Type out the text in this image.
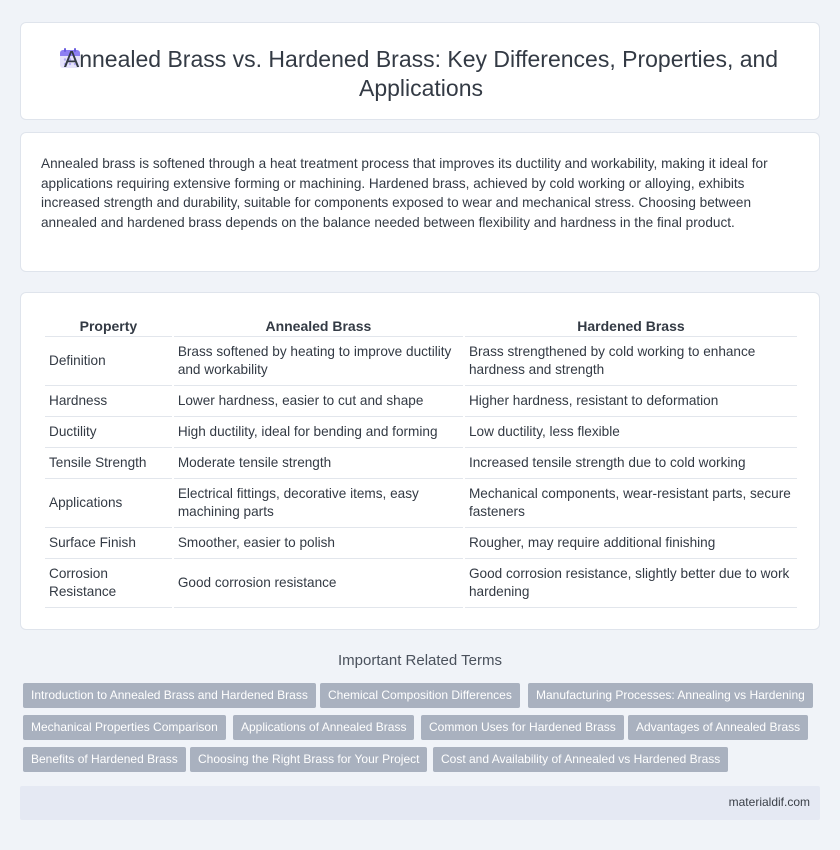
Annealed Brass vs. Hardened Brass: Key Differences, Properties, and Applications

Annealed brass is softened through a heat treatment process that improves its ductility and workability, making it ideal for applications requiring extensive forming or machining. Hardened brass, achieved by cold working or alloying, exhibits increased strength and durability, suitable for components exposed to wear and mechanical stress. Choosing between annealed and hardened brass depends on the balance needed between flexibility and hardness in the final product.

Property	Annealed Brass	Hardened Brass
Definition	Brass softened by heating to improve ductility and workability	Brass strengthened by cold working to enhance hardness and strength
Hardness	Lower hardness, easier to cut and shape	Higher hardness, resistant to deformation
Ductility	High ductility, ideal for bending and forming	Low ductility, less flexible
Tensile Strength	Moderate tensile strength	Increased tensile strength due to cold working
Applications	Electrical fittings, decorative items, easy machining parts	Mechanical components, wear-resistant parts, secure fasteners
Surface Finish	Smoother, easier to polish	Rougher, may require additional finishing
Corrosion Resistance	Good corrosion resistance	Good corrosion resistance, slightly better due to work hardening
Important Related Terms
Introduction to Annealed Brass and Hardened Brass	Chemical Composition Differences	Manufacturing Processes: Annealing vs Hardening
Mechanical Properties Comparison	Applications of Annealed Brass	Common Uses for Hardened Brass	Advantages of Annealed Brass
Benefits of Hardened Brass	Choosing the Right Brass for Your Project	Cost and Availability of Annealed vs Hardened Brass
materialdif.com
